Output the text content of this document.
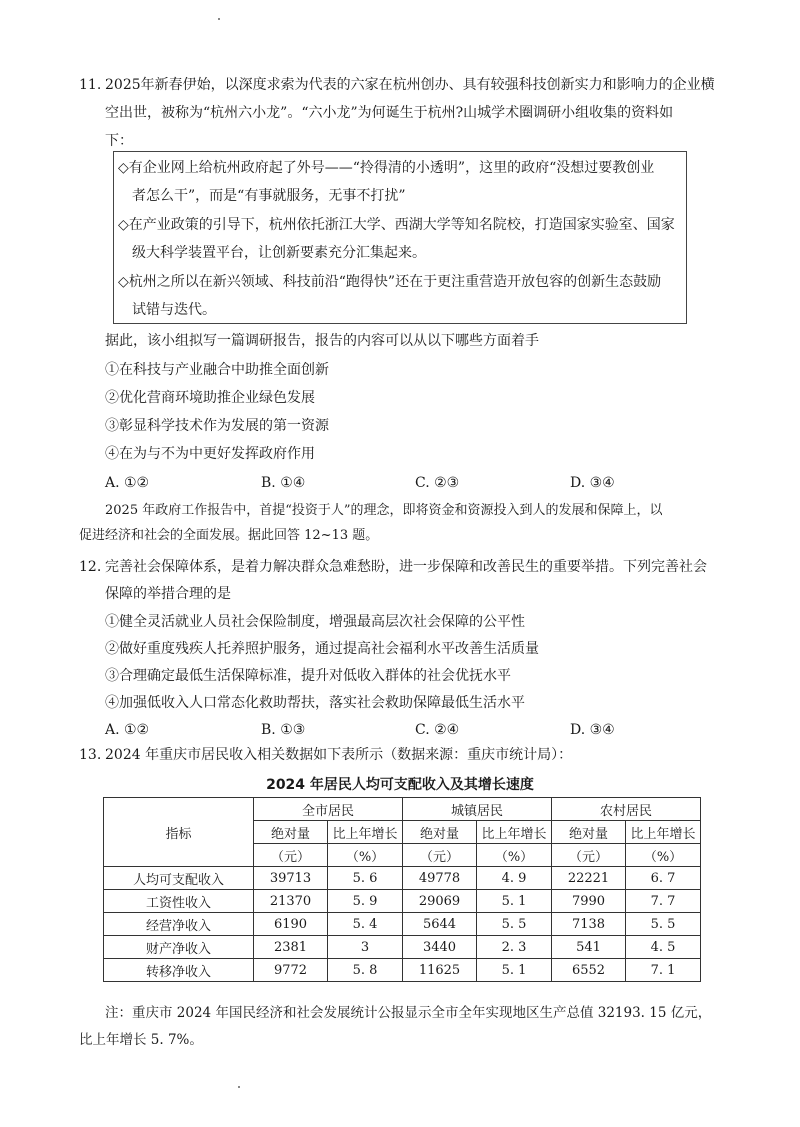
11. 2025年新春伊始，以深度求索为代表的六家在杭州创办、具有较强科技创新实力和影响力的企业横
空出世，被称为“杭州六小龙”。“六小龙”为何诞生于杭州?山城学术圈调研小组收集的资料如
下：
◇有企业网上给杭州政府起了外号——“拎得清的小透明”，这里的政府“没想过要教创业
者怎么干”，而是“有事就服务，无事不打扰”
◇在产业政策的引导下，杭州依托浙江大学、西湖大学等知名院校，打造国家实验室、国家
级大科学装置平台，让创新要素充分汇集起来。
◇杭州之所以在新兴领域、科技前沿“跑得快”还在于更注重营造开放包容的创新生态鼓励
试错与迭代。
据此，该小组拟写一篇调研报告，报告的内容可以从以下哪些方面着手
①在科技与产业融合中助推全面创新
②优化营商环境助推企业绿色发展
③彰显科学技术作为发展的第一资源
④在为与不为中更好发挥政府作用
A. ①②	B. ①④	C. ②③	D. ③④
2025 年政府工作报告中，首提“投资于人”的理念，即将资金和资源投入到人的发展和保障上，以
促进经济和社会的全面发展。据此回答 12~13 题。
12. 完善社会保障体系，是着力解决群众急难愁盼，进一步保障和改善民生的重要举措。下列完善社会
保障的举措合理的是
①健全灵活就业人员社会保险制度，增强最高层次社会保障的公平性
②做好重度残疾人托养照护服务，通过提高社会福利水平改善生活质量
③合理确定最低生活保障标准，提升对低收入群体的社会优抚水平
④加强低收入人口常态化救助帮扶，落实社会救助保障最低生活水平
A. ①②	B. ①③	C. ②④	D. ③④
13. 2024 年重庆市居民收入相关数据如下表所示（数据来源：重庆市统计局）：
2024 年居民人均可支配收入及其增长速度
指标	全市居民		城镇居民		农村居民	
	绝对量	比上年增长	绝对量	比上年增长	绝对量	比上年增长
	（元）	（%）	（元）	（%）	（元）	（%）
人均可支配收入	39713	5. 6	49778	4. 9	22221	6. 7
工资性收入	21370	5. 9	29069	5. 1	7990	7. 7
经营净收入	6190	5. 4	5644	5. 5	7138	5. 5
财产净收入	2381	3	3440	2. 3	541	4. 5
转移净收入	9772	5. 8	11625	5. 1	6552	7. 1
注：重庆市 2024 年国民经济和社会发展统计公报显示全市全年实现地区生产总值 32193. 15 亿元，
比上年增长 5. 7%。
